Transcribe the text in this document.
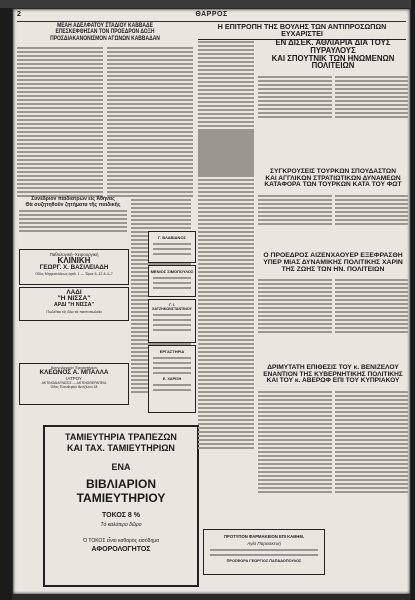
2	ΘΑΡΡΟΣ
ΜΕΑΗ ΑΔΕΛΦΑΤΟΥ ΣΤΑΔΙΟΥ ΚΑΒΒΑΔΕ
ΕΠΕΣΚΕΦΘΗΣΑΝ ΤΟΝ ΠΡΟΕΔΡΟΝ ΔΟΞΗ
ΠΡΟΣΔΙΑΚΑΝΟΝΙΣΜΟΝ ΑΓΩΝΩΝ ΚΑΒΒΑΔΑΝ
Συνέδριον παιδιατρών εἰς Ἀθήνας
Θὰ συζητηθοῦν ζητήματα τῆς παιδικῆς
Παθολογική–Χειρουργική
ΚΛΙΝΙΚΗ
ΓΕΩΡΓ. Χ. ΒΑΣΙΛΕΙΑΔΗ
Οδὸς Μητροπόλεως ἀριθ. 1 — Ὥραι 9–12 & 4–7
ΛΑΔΙ
"Η ΝΙΣΣΑ"
ΑΡΔΙ "Η ΝΙΣΣΑ"
Πωλεῖται εἰς ὅλα τὰ παντοπωλεῖα
Ἀκτινολογικὸν Ἐργαστήριον
ΚΛΕΩΝΟΣ Α. ΜΠΑΛΛΑ
ΙΑΤΡΟΥ
ΑΚΤΙΝΟΔΙΑΓΝΩΣΙΣ — ΑΚΤΙΝΟΘΕΡΑΠΕΙΑ
Ὁδὸς Ἐλευθερίου Βενιζέλου 18
ΤΑΜΙΕΥΤΗΡΙΑ ΤΡΑΠΕΖΩΝ
ΚΑΙ ΤΑΧ. ΤΑΜΙΕΥΤΗΡΙΩΝ
ΕΝΑ
ΒΙΒΛΙΑΡΙΟΝ
ΤΑΜΙΕΥΤΗΡΙΟΥ
ΤΟΚΟΣ 8 %
Τὸ καλύτερο δῶρο
Ὁ ΤΟΚΟΣ εἶναι καθαρὸς εἰσόδημα
ΑΦΟΡΟΛΟΓΗΤΟΣ
Η ΕΠΙΤΡΟΠΗ ΤΗΣ ΒΟΥΛΗΣ ΤΩΝ ΑΝΤΙΠΡΟΣΩΠΩΝ ΕΥΧΑΡΙΣΤΕΙ
ΕΝ ΔΙΣΕΚ. ΑΘΛΙΑΡΙΑ ΔΙΑ ΤΟΥΣ ΠΥΡΑΥΛΟΥΣ
ΚΑΙ ΣΠΟΥΤΝΙΚ ΤΩΝ ΗΝΩΜΕΝΩΝ ΠΟΛΙΤΕΙΩΝ
Γ. ΒΛΑΒΙΑΝΟΣ
ΜΕΝΙΟΣ ΣΙΜΟΠΟΥΛΟΣ
Γ. Ι. ΧΑΤΖΗΚΩΝΣΤΑΝΤΙΝΟΥ
ΕΡΓΑΣΤΗΡΙΑ
Ε. ΧΑΡΙΣΗ
ΣΥΓΚΡΟΥΣΕΙΣ ΤΟΥΡΚΩΝ ΣΠΟΥΔΑΣΤΩΝ
ΚΑΙ ΑΓΓΛΙΚΩΝ ΣΤΡΑΤΙΩΤΙΚΩΝ ΔΥΝΑΜΕΩΝ
ΚΑΤΑΦΟΡΑ ΤΩΝ ΤΟΥΡΚΩΝ ΚΑΤΑ ΤΟΥ ΦΩΤ
Ο ΠΡΟΕΔΡΟΣ ΑΙΖΕΝΧΑΟΥΕΡ ΕΞΕΦΡΑΣΘΗ
ΥΠΕΡ ΜΙΑΣ ΔΥΝΑΜΙΚΗΣ ΠΟΛΙΤΙΚΗΣ ΧΑΡΙΝ
ΤΗΣ ΖΩΗΣ ΤΩΝ ΗΝ. ΠΟΛΙΤΕΙΩΝ
ΔΡΙΜΥΤΑΤΗ ΕΠΙΘΕΣΙΣ ΤΟΥ κ. ΒΕΝΙΖΕΛΟΥ
ΕΝΑΝΤΙΟΝ ΤΗΣ ΚΥΒΕΡΝΗΤΙΚΗΣ ΠΟΛΙΤΙΚΗΣ
ΚΑΙ ΤΟΥ κ. ΑΒΕΡΩΦ ΕΠΙ ΤΟΥ ΚΥΠΡΙΑΚΟΥ
ΠΡΟΤΥΠΟΝ ΦΑΡΜΑΚΕΙΟΝ ΕΠΙ ΚΑΘΗΜ.
Αγία Παρασκευή
ΠΡΟΣΦΟΡΑ ΓΕΩΡΓΙΟΣ ΠΑΠΑΔΟΠΟΥΛΟΣ
